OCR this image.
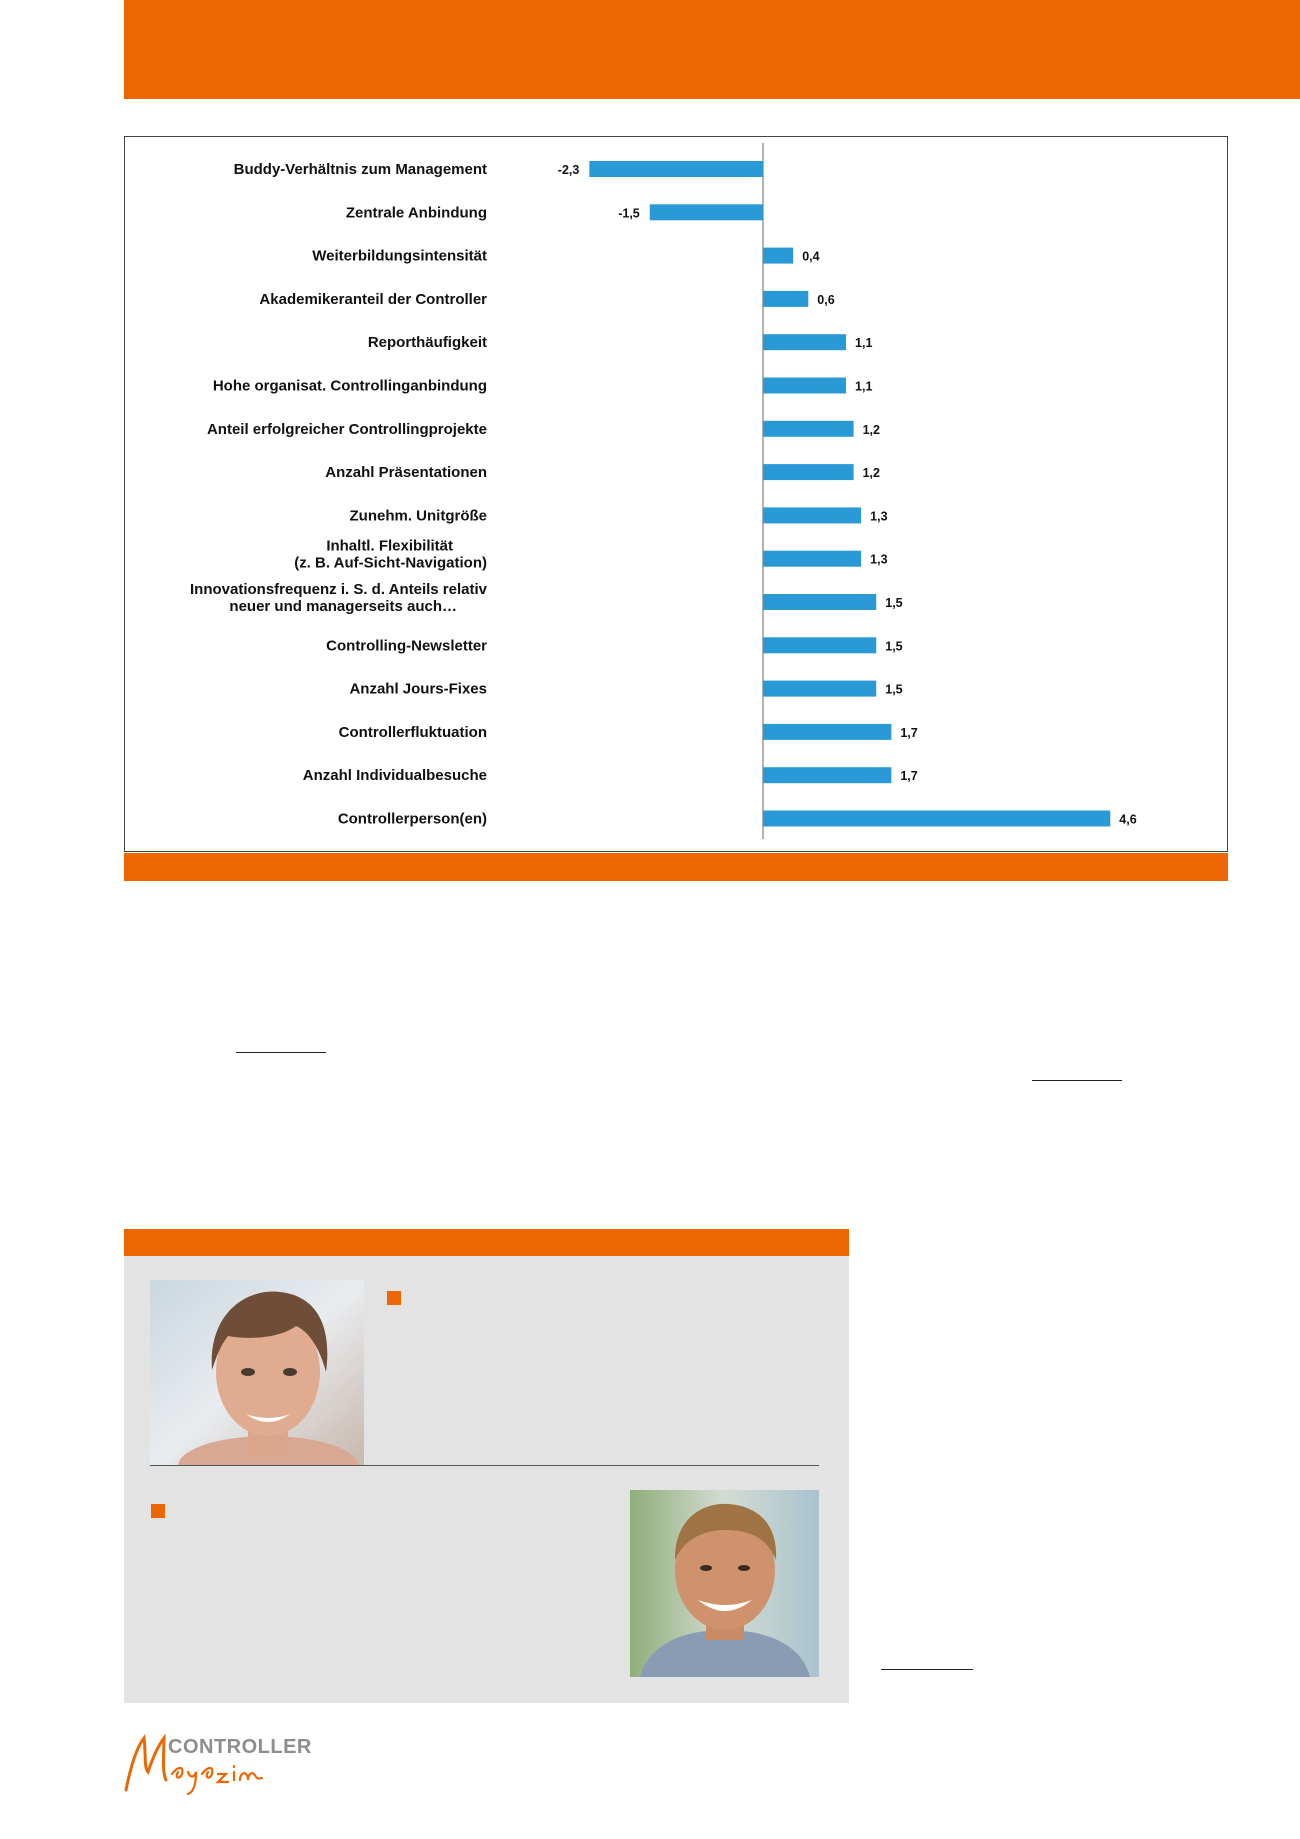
Buddy-Verhältnis zum Management	-2,3
Zentrale Anbindung	-1,5
Weiterbildungsintensität	0,4
Akademikeranteil der Controller	0,6
Reporthäufigkeit	1,1
Hohe organisat. Controllinganbindung	1,1
Anteil erfolgreicher Controllingprojekte	1,2
Anzahl Präsentationen	1,2
Zunehm. Unitgröße	1,3
Inhaltl. Flexibilität (z. B. Auf-Sicht-Navigation)	1,3
Innovationsfrequenz i. S. d. Anteils relativ neuer und managerseits auch…	1,5
Controlling-Newsletter	1,5
Anzahl Jours-Fixes	1,5
Controllerfluktuation	1,7
Anzahl Individualbesuche	1,7
Controllerperson(en)	4,6
CONTROLLER
